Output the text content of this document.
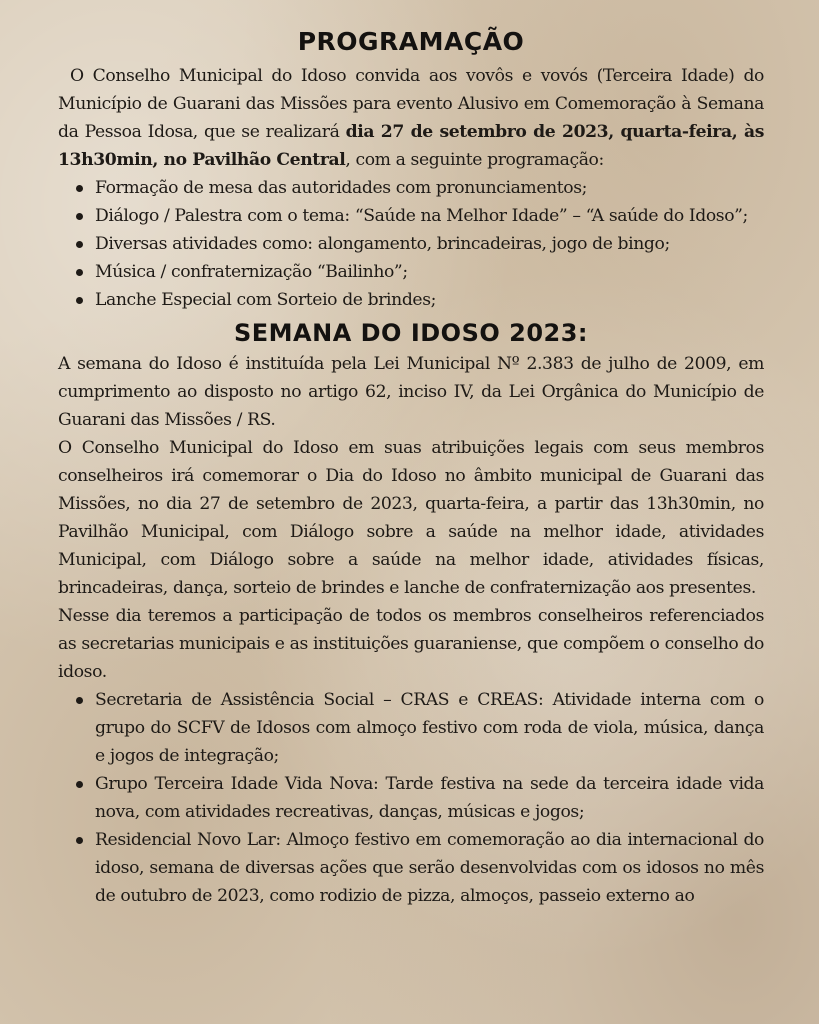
PROGRAMAÇÃO

O Conselho Municipal do Idoso convida aos vovôs e vovós (Terceira Idade) do Município de Guarani das Missões para evento Alusivo em Comemoração à Semana da Pessoa Idosa, que se realizará dia 27 de setembro de 2023, quarta-feira, às 13h30min, no Pavilhão Central, com a seguinte programação:

Formação de mesa das autoridades com pronunciamentos;
Diálogo / Palestra com o tema: “Saúde na Melhor Idade” – “A saúde do Idoso”;
Diversas atividades como: alongamento, brincadeiras, jogo de bingo;
Música / confraternização “Bailinho”;
Lanche Especial com Sorteio de brindes;
SEMANA DO IDOSO 2023:

A semana do Idoso é instituída pela Lei Municipal Nº 2.383 de julho de 2009, em cumprimento ao disposto no artigo 62, inciso IV, da Lei Orgânica do Município de Guarani das Missões / RS.

O Conselho Municipal do Idoso em suas atribuições legais com seus membros conselheiros irá comemorar o Dia do Idoso no âmbito municipal de Guarani das Missões, no dia 27 de setembro de 2023, quarta-feira, a partir das 13h30min, no Pavilhão Municipal, com Diálogo sobre a saúde na melhor idade, atividades Municipal, com Diálogo sobre a saúde na melhor idade, atividades físicas, brincadeiras, dança, sorteio de brindes e lanche de confraternização aos presentes.

Nesse dia teremos a participação de todos os membros conselheiros referenciados as secretarias municipais e as instituições guaraniense, que compõem o conselho do idoso.

Secretaria de Assistência Social – CRAS e CREAS: Atividade interna com o grupo do SCFV de Idosos com almoço festivo com roda de viola, música, dança e jogos de integração;
Grupo Terceira Idade Vida Nova: Tarde festiva na sede da terceira idade vida nova, com atividades recreativas, danças, músicas e jogos;
Residencial Novo Lar: Almoço festivo em comemoração ao dia internacional do idoso, semana de diversas ações que serão desenvolvidas com os idosos no mês de outubro de 2023, como rodizio de pizza, almoços, passeio externo ao
